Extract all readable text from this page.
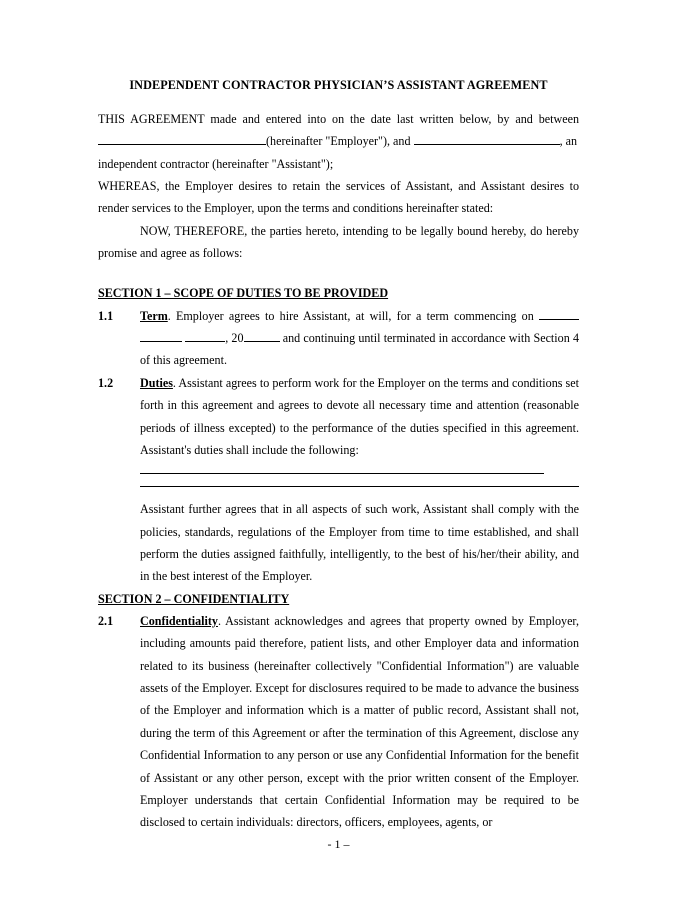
INDEPENDENT CONTRACTOR PHYSICIAN’S ASSISTANT AGREEMENT

THIS AGREEMENT made and entered into on the date last written below, by and between (hereinafter "Employer"), and	, an

independent contractor (hereinafter "Assistant");

WHEREAS, the Employer desires to retain the services of Assistant, and Assistant desires to render services to the Employer, upon the terms and conditions hereinafter stated:

NOW, THEREFORE, the parties hereto, intending to be legally bound hereby, do hereby promise and agree as follows:

SECTION 1 – SCOPE OF DUTIES TO BE PROVIDED
1.1	Term. Employer agrees to hire Assistant, at will, for a term commencing on   , 20	and continuing until terminated in accordance with Section 4 of this agreement.
1.2	Duties. Assistant agrees to perform work for the Employer on the terms and conditions set forth in this agreement and agrees to devote all necessary time and attention (reasonable periods of illness excepted) to the performance of the duties specified in this agreement. Assistant's duties shall include the following:
Assistant further agrees that in all aspects of such work, Assistant shall comply with the policies, standards, regulations of the Employer from time to time established, and shall perform the duties assigned faithfully, intelligently, to the best of his/her/their ability, and in the best interest of the Employer.
SECTION 2 – CONFIDENTIALITY
2.1	Confidentiality. Assistant acknowledges and agrees that property owned by Employer, including amounts paid therefore, patient lists, and other Employer data and information related to its business (hereinafter collectively "Confidential Information") are valuable assets of the Employer. Except for disclosures required to be made to advance the business of the Employer and information which is a matter of public record, Assistant shall not, during the term of this Agreement or after the termination of this Agreement, disclose any Confidential Information to any person or use any Confidential Information for the benefit of Assistant or any other person, except with the prior written consent of the Employer. Employer understands that certain Confidential Information may be required to be disclosed to certain individuals: directors, officers, employees, agents, or
- 1 –
